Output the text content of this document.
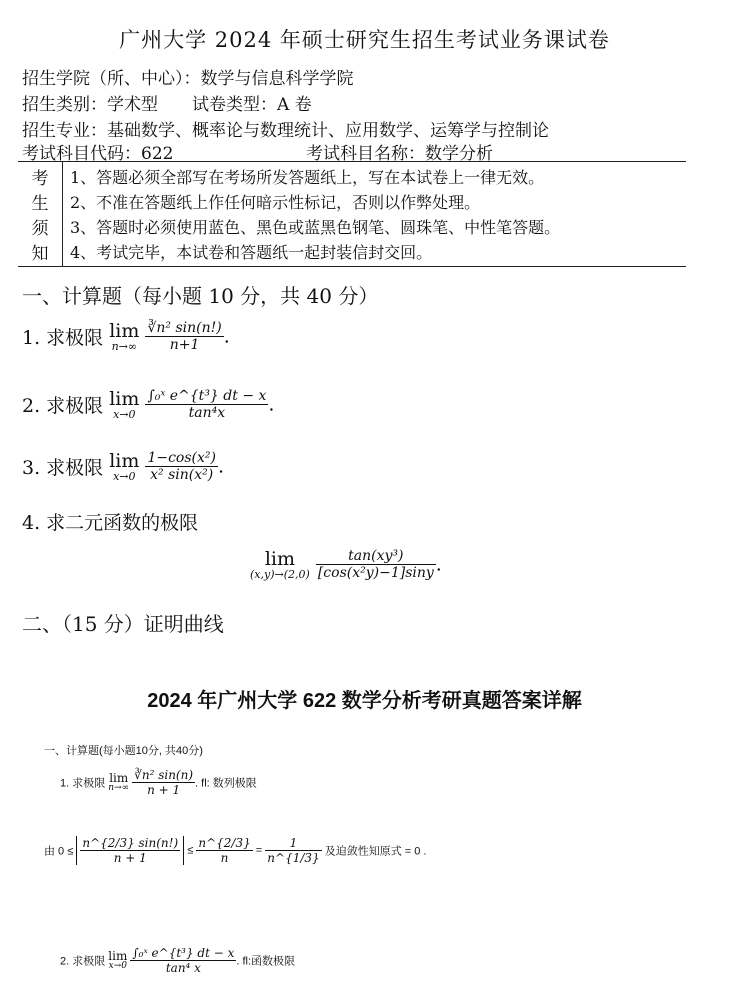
广州大学 2024 年硕士研究生招生考试业务课试卷
招生学院（所、中心）：数学与信息科学学院
招生类别：学术型　　试卷类型：A 卷
招生专业：基础数学、概率论与数理统计、应用数学、运筹学与控制论
考试科目代码：622	考试科目名称：数学分析
考
生
须
知
1、答题必须全部写在考场所发答题纸上，写在本试卷上一律无效。
2、不准在答题纸上作任何暗示性标记，否则以作弊处理。
3、答题时必须使用蓝色、黑色或蓝黑色钢笔、圆珠笔、中性笔答题。
4、考试完毕，本试卷和答题纸一起封装信封交回。
一、计算题（每小题 10 分，共 40 分）
1. 求极限 lim
n→∞
$\frac{\text{∛n² sin(n!)}}{n+1}$ .
2. 求极限 lim
x→0
$\frac{\text{∫₀ˣ e\textasciicircum{}\{t³\} dt − x}}{\text{tan⁴x}}$ .
3. 求极限 lim
x→0
$\frac{\text{1−cos(x²)}}{\text{x² sin(x²)}}$ .
4. 求二元函数的极限
lim
(x,y)→(2,0)
$\frac{\text{tan(xy³)}}{\text{[cos(x²y)−1]siny}}$ .
二、（15 分）证明曲线
2024 年广州大学 622 数学分析考研真题答案详解
一、计算题(每小题10分, 共40分)
1. 求极限 lim
n→∞
$\frac{\text{∛n² sin(n)}}{n + 1}$ . fl: 数列极限
由 $0 \le \frac{n\^{}\{2/3\} \sin(n!)}{n + 1} \le \frac{n\^{}\{2/3\}}{n} = \frac{1}{n\^{}\{1/3\}}$ 及迫敛性知原式 = 0 .
2. 求极限 lim
x→0
$\frac{\text{∫₀ˣ e\textasciicircum{}\{t³\} dt − x}}{\text{tan⁴ x}}$ . fl:函数极限
